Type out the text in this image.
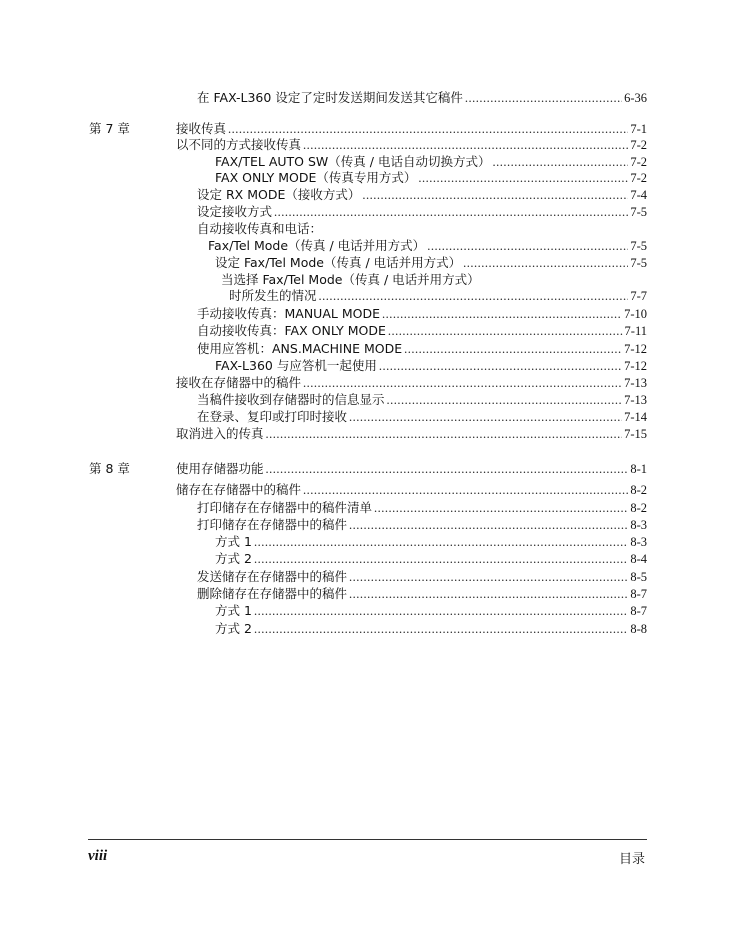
在 FAX-L360 设定了定时发送期间发送其它稿件 .....	6-36
第 7 章	接收传真 .....	7-1
以不同的方式接收传真 .....	7-2
FAX/TEL AUTO SW（传真 / 电话自动切换方式） .....	7-2
FAX ONLY MODE（传真专用方式） .....	7-2
设定 RX MODE（接收方式） .....	7-4
设定接收方式 .....	7-5
自动接收传真和电话：
Fax/Tel Mode（传真 / 电话并用方式） .....	7-5
设定 Fax/Tel Mode（传真 / 电话并用方式） .....	7-5
当选择 Fax/Tel Mode（传真 / 电话并用方式）
时所发生的情况 .....	7-7
手动接收传真：MANUAL MODE .....	7-10
自动接收传真：FAX ONLY MODE .....	7-11
使用应答机：ANS.MACHINE MODE .....	7-12
FAX-L360 与应答机一起使用 .....	7-12
接收在存储器中的稿件 .....	7-13
当稿件接收到存储器时的信息显示 .....	7-13
在登录、复印或打印时接收 .....	7-14
取消进入的传真 .....	7-15
第 8 章	使用存储器功能 .....	8-1
储存在存储器中的稿件 .....	8-2
打印储存在存储器中的稿件清单 .....	8-2
打印储存在存储器中的稿件 .....	8-3
方式 1 .....	8-3
方式 2 .....	8-4
发送储存在存储器中的稿件 .....	8-5
删除储存在存储器中的稿件 .....	8-7
方式 1 .....	8-7
方式 2 .....	8-8
viii	目录
